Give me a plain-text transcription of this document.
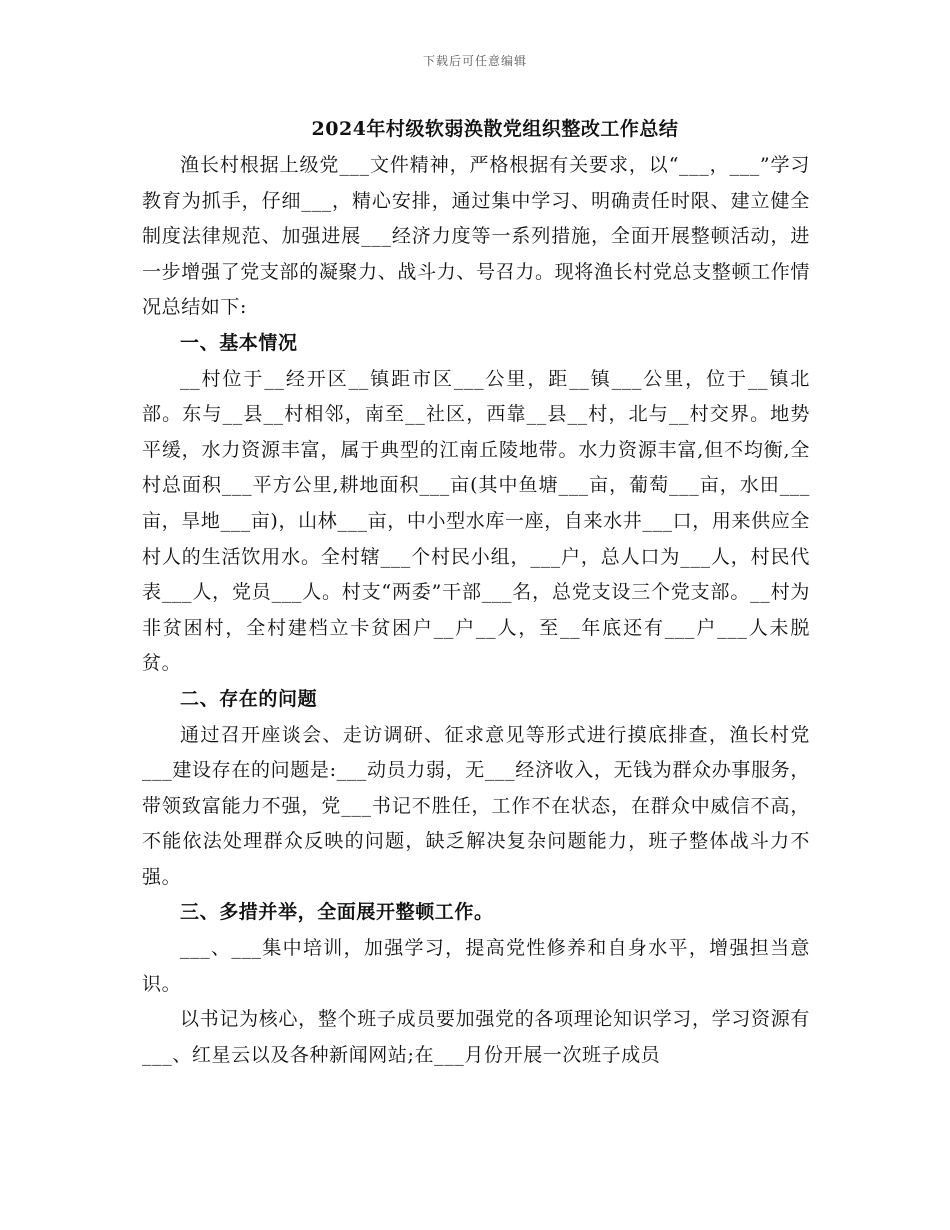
下载后可任意编辑
2024年村级软弱涣散党组织整改工作总结

渔长村根据上级党___文件精神，严格根据有关要求，以“___，___”学习教育为抓手，仔细___，精心安排，通过集中学习、明确责任时限、建立健全制度法律规范、加强进展___经济力度等一系列措施，全面开展整顿活动，进一步增强了党支部的凝聚力、战斗力、号召力。现将渔长村党总支整顿工作情况总结如下:

一、基本情况

__村位于__经开区__镇距市区___公里，距__镇___公里，位于__镇北部。东与__县__村相邻，南至__社区，西靠__县__村，北与__村交界。地势平缓，水力资源丰富，属于典型的江南丘陵地带。水力资源丰富,但不均衡,全村总面积___平方公里,耕地面积___亩(其中鱼塘___亩，葡萄___亩，水田___亩，旱地___亩)，山林___亩，中小型水库一座，自来水井___口，用来供应全村人的生活饮用水。全村辖___个村民小组，___户，总人口为___人，村民代表___人，党员___人。村支“两委”干部___名，总党支设三个党支部。__村为非贫困村，全村建档立卡贫困户__户__人，至__年底还有___户___人未脱贫。

二、存在的问题

通过召开座谈会、走访调研、征求意见等形式进行摸底排查，渔长村党___建设存在的问题是:___动员力弱，无___经济收入，无钱为群众办事服务，带领致富能力不强，党___书记不胜任，工作不在状态，在群众中威信不高，不能依法处理群众反映的问题，缺乏解决复杂问题能力，班子整体战斗力不强。

三、多措并举，全面展开整顿工作。

___、___集中培训，加强学习，提高党性修养和自身水平，增强担当意识。

以书记为核心，整个班子成员要加强党的各项理论知识学习，学习资源有___、红星云以及各种新闻网站;在___月份开展一次班子成员
